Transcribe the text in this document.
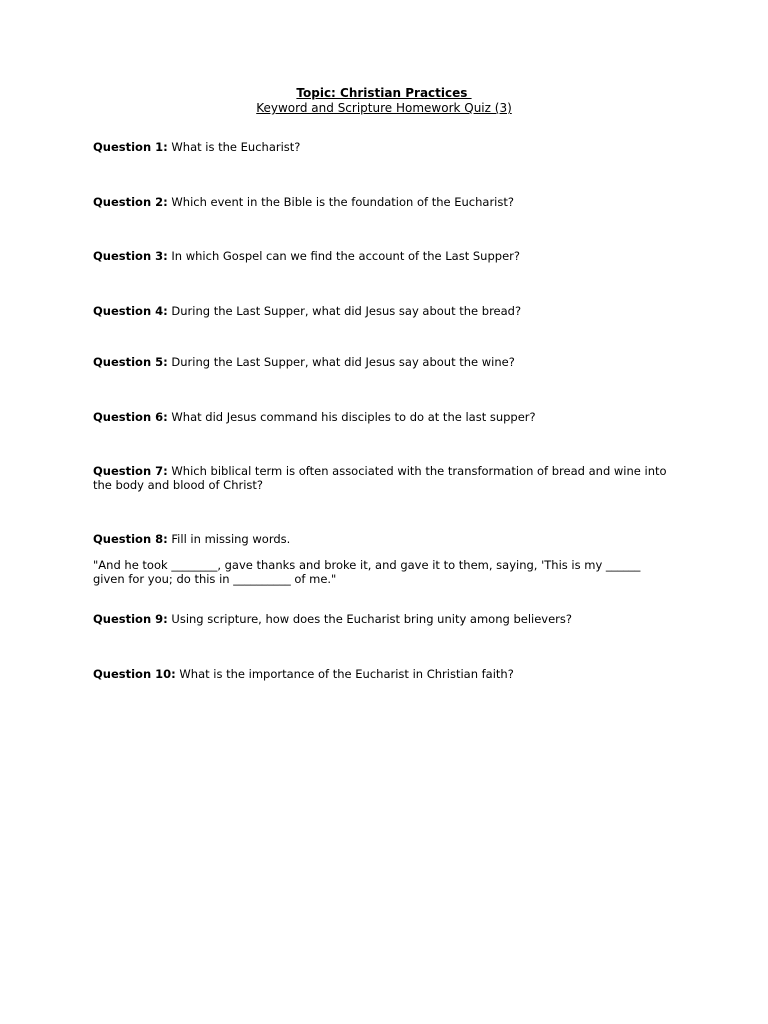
Topic: Christian Practices
Keyword and Scripture Homework Quiz (3)
Question 1: What is the Eucharist?
Question 2: Which event in the Bible is the foundation of the Eucharist?
Question 3: In which Gospel can we find the account of the Last Supper?
Question 4: During the Last Supper, what did Jesus say about the bread?
Question 5: During the Last Supper, what did Jesus say about the wine?
Question 6: What did Jesus command his disciples to do at the last supper?
Question 7: Which biblical term is often associated with the transformation of bread and wine into the body and blood of Christ?
Question 8: Fill in missing words.
"And he took ________, gave thanks and broke it, and gave it to them, saying, 'This is my ______ given for you; do this in __________ of me."
Question 9: Using scripture, how does the Eucharist bring unity among believers?
Question 10: What is the importance of the Eucharist in Christian faith?
